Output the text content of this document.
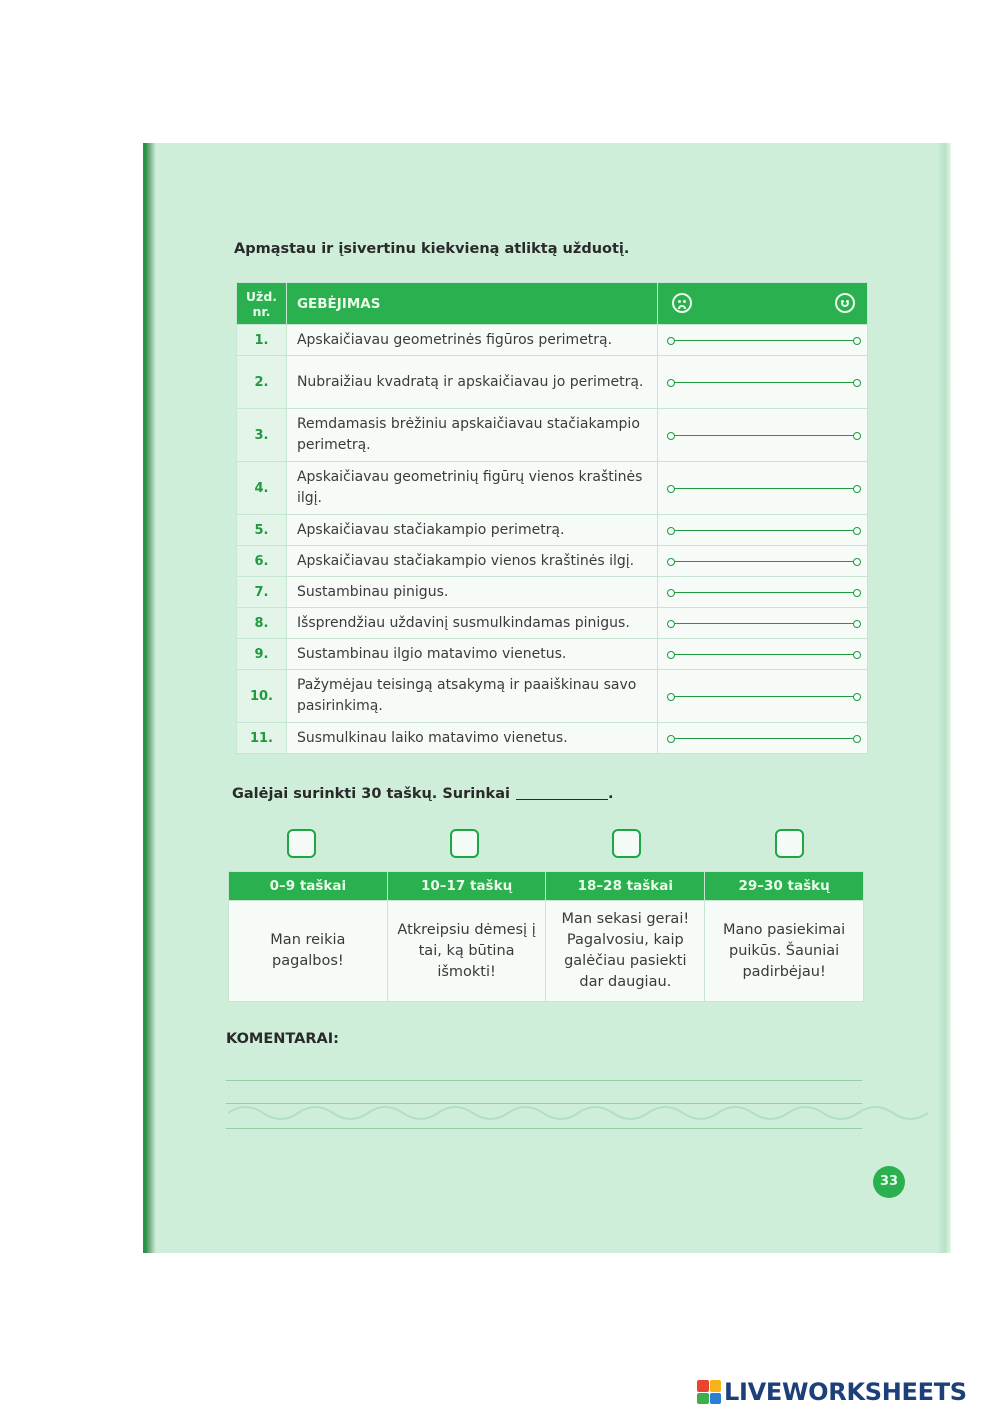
Apmąstau ir įsivertinu kiekvieną atliktą užduotį.
Užd. nr.	GEBĖJIMAS	

1.	Apskaičiavau geometrinės figūros perimetrą.	

2.	Nubraižiau kvadratą ir apskaičiavau jo perimetrą.	

3.	Remdamasis brėžiniu apskaičiavau stačiakampio perimetrą.	

4.	Apskaičiavau geometrinių figūrų vienos kraštinės ilgį.	

5.	Apskaičiavau stačiakampio perimetrą.	

6.	Apskaičiavau stačiakampio vienos kraštinės ilgį.	

7.	Sustambinau pinigus.	

8.	Išsprendžiau uždavinį susmulkindamas pinigus.	

9.	Sustambinau ilgio matavimo vienetus.	

10.	Pažymėjau teisingą atsakymą ir paaiškinau savo pasirinkimą.	

11.	Susmulkinau laiko matavimo vienetus.	
Galėjai surinkti 30 taškų. Surinkai	.
0–9 taškai	10–17 taškų	18–28 taškai	29–30 taškų
Man reikia pagalbos!	Atkreipsiu dėmesį į tai, ką būtina išmokti!	Man sekasi gerai! Pagalvosiu, kaip galėčiau pasiekti dar daugiau.	Mano pasiekimai puikūs. Šauniai padirbėjau!
KOMENTARAI:
33
LIVEWORKSHEETS
